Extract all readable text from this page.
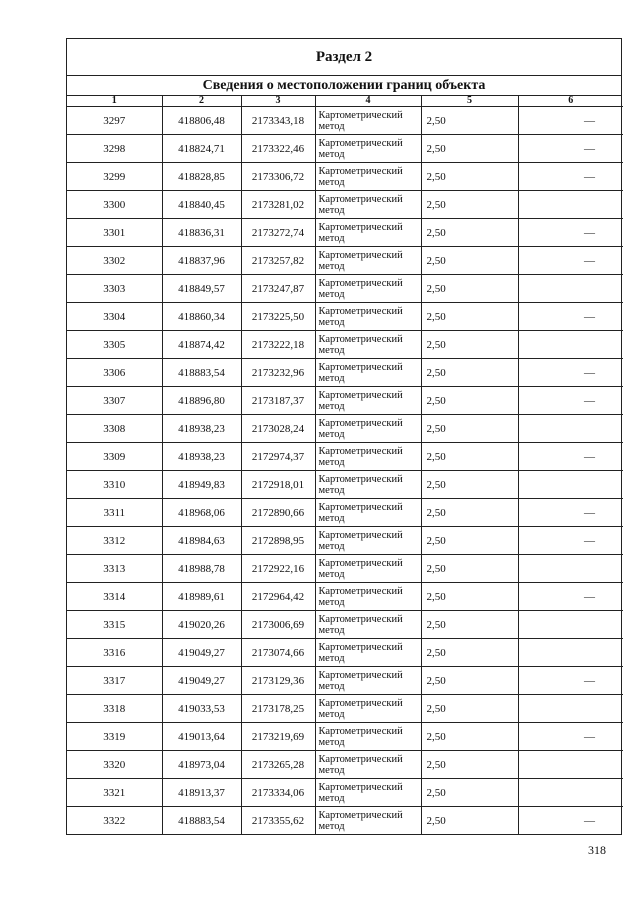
Раздел 2
Сведения о местоположении границ объекта
1	2	3	4	5	6
3297	418806,48	2173343,18	Картометрический метод	2,50	—
3298	418824,71	2173322,46	Картометрический метод	2,50	—
3299	418828,85	2173306,72	Картометрический метод	2,50	—
3300	418840,45	2173281,02	Картометрический метод	2,50	
3301	418836,31	2173272,74	Картометрический метод	2,50	—
3302	418837,96	2173257,82	Картометрический метод	2,50	—
3303	418849,57	2173247,87	Картометрический метод	2,50	
3304	418860,34	2173225,50	Картометрический метод	2,50	—
3305	418874,42	2173222,18	Картометрический метод	2,50	
3306	418883,54	2173232,96	Картометрический метод	2,50	—
3307	418896,80	2173187,37	Картометрический метод	2,50	—
3308	418938,23	2173028,24	Картометрический метод	2,50	
3309	418938,23	2172974,37	Картометрический метод	2,50	—
3310	418949,83	2172918,01	Картометрический метод	2,50	
3311	418968,06	2172890,66	Картометрический метод	2,50	—
3312	418984,63	2172898,95	Картометрический метод	2,50	—
3313	418988,78	2172922,16	Картометрический метод	2,50	
3314	418989,61	2172964,42	Картометрический метод	2,50	—
3315	419020,26	2173006,69	Картометрический метод	2,50	
3316	419049,27	2173074,66	Картометрический метод	2,50	
3317	419049,27	2173129,36	Картометрический метод	2,50	—
3318	419033,53	2173178,25	Картометрический метод	2,50	
3319	419013,64	2173219,69	Картометрический метод	2,50	—
3320	418973,04	2173265,28	Картометрический метод	2,50	
3321	418913,37	2173334,06	Картометрический метод	2,50	
3322	418883,54	2173355,62	Картометрический метод	2,50	—
318
